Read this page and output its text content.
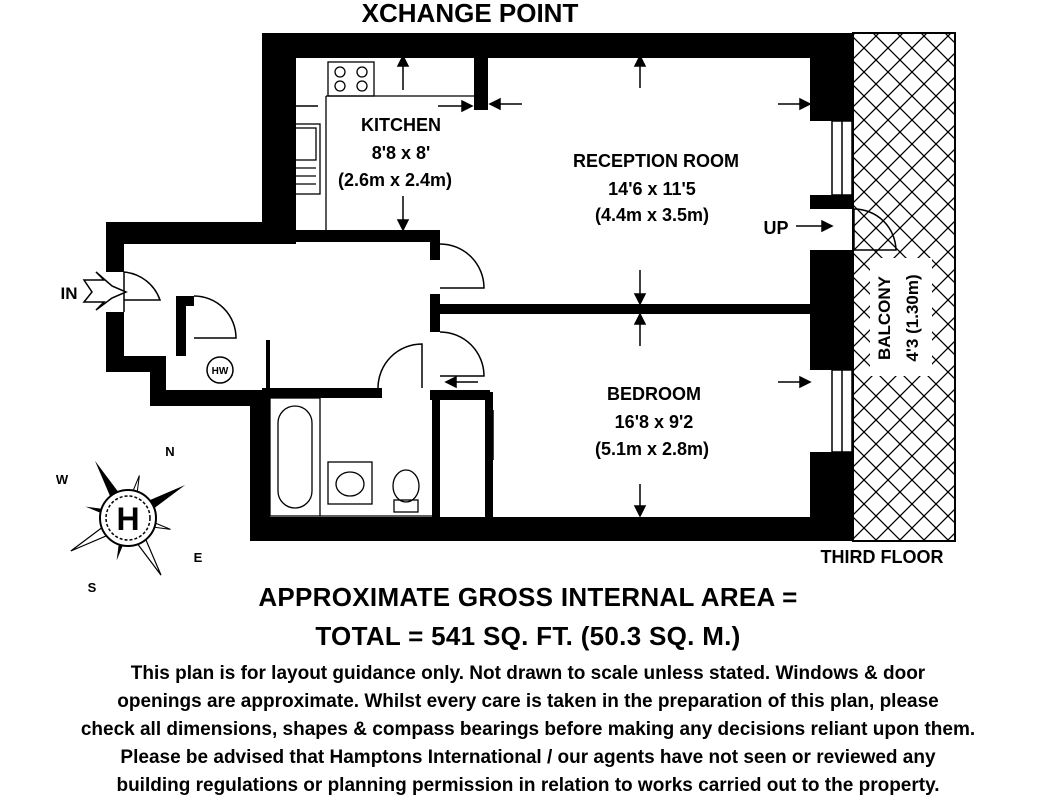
XCHANGE POINT
HW
H
N
E
S
W
KITCHEN
8'8 x 8'
(2.6m x 2.4m)
RECEPTION ROOM
14'6 x 11'5
(4.4m x 3.5m)
BEDROOM
16'8 x 9'2
(5.1m x 2.8m)
BALCONY 4'3 (1.30m)
IN
UP
THIRD FLOOR
APPROXIMATE GROSS INTERNAL AREA =
TOTAL = 541 SQ. FT. (50.3 SQ. M.)
This plan is for layout guidance only. Not drawn to scale unless stated. Windows & door
openings are approximate. Whilst every care is taken in the preparation of this plan, please
check all dimensions, shapes & compass bearings before making any decisions reliant upon them.
Please be advised that Hamptons International / our agents have not seen or reviewed any
building regulations or planning permission in relation to works carried out to the property.
